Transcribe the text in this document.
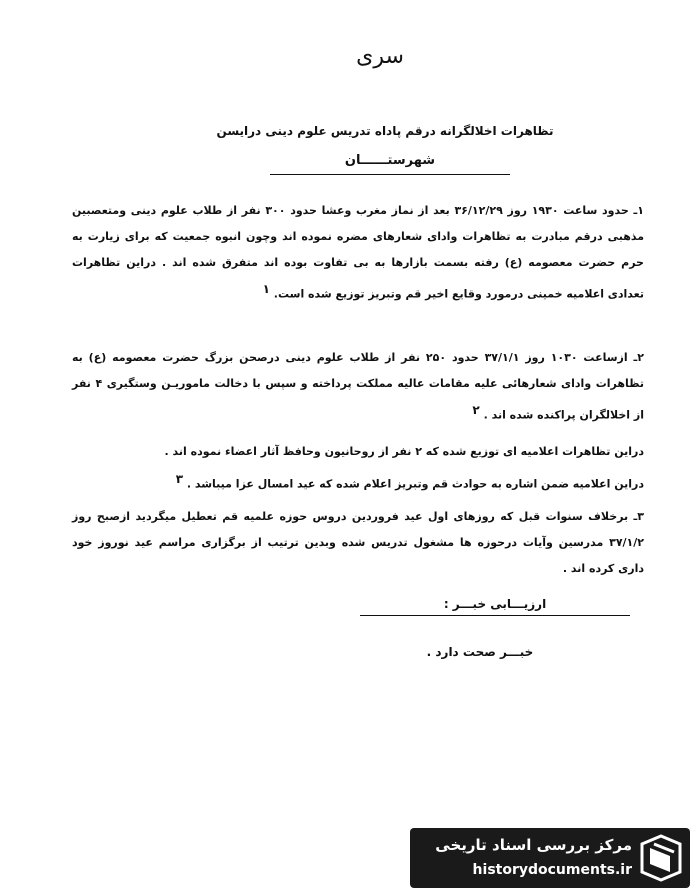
سری
تظاهرات اخلالگرانه درقم پاداه تدریس علوم دینی درایسن
شهرستــــــان
۱ـ حدود ساعت ۱۹۳۰ روز ۳۶/۱۲/۲۹ بعد از نماز مغرب وعشا حدود ۳۰۰ نفر از طلاب علوم دینی ومتعصبین مذهبی درقم مبادرت به تظاهرات وادای شعارهای مضره نموده اند وچون انبوه جمعیت که برای زیارت به حرم حضرت معصومه (ع) رفته بسمت بازارها به بی تفاوت بوده اند متفرق شده اند . دراین تظاهرات تعدادی اعلامیه خمینی درمورد وقایع اخیر قم وتبریز توزیع شده است. ۱
۲ـ ازساعت ۱۰۳۰ روز ۳۷/۱/۱ حدود ۲۵۰ نفر از طلاب علوم دینی درصحن بزرگ حضرت معصومه (ع) به تظاهرات وادای شعارهائی علیه مقامات عالیه مملکت پرداخته و سپس با دخالت ماموریـن وستگیری ۴ نفر از اخلالگران پراکنده شده اند . ۲
دراین تظاهرات اعلامیه ای توزیع شده که ۲ نفر از روحانیون وحافظ آثار اعضاء نموده اند .
دراین اعلامیه ضمن اشاره به حوادث قم وتبریز اعلام شده که عید امسال عزا میباشد . ۳
۳ـ برخلاف سنوات قبل که روزهای اول عید فروردین دروس حوزه علمیه قم تعطیل میگردید ازصبح روز ۳۷/۱/۲ مدرسین وآیات درحوزه ها مشغول تدریس شده وبدین ترتیب از برگزاری مراسم عید نوروز خود داری کرده اند .
ارزیـــابی خبـــر :
خبـــر صحت دارد .
مرکز بررسی اسناد تاریخی
historydocuments.ir
